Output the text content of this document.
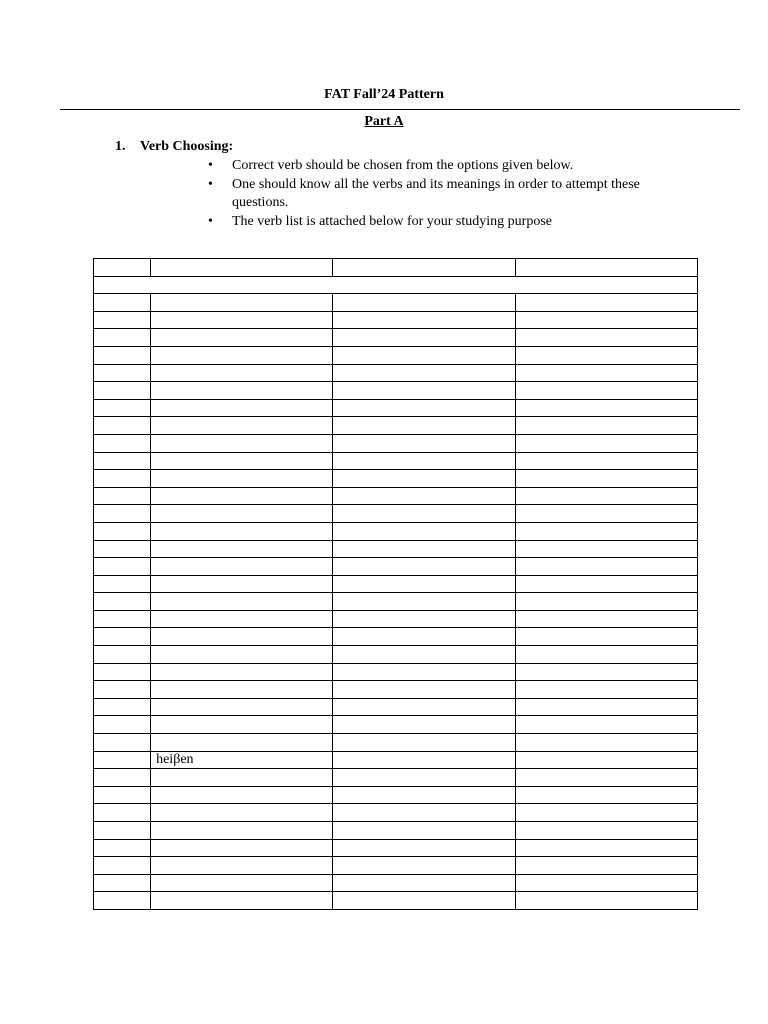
FAT Fall’24 Pattern
Part A
1. Verb Choosing:
• Correct verb should be chosen from the options given below.
• One should know all the verbs and its meanings in order to attempt these questions.
• The verb list is attached below for your studying purpose

	heiβen		
